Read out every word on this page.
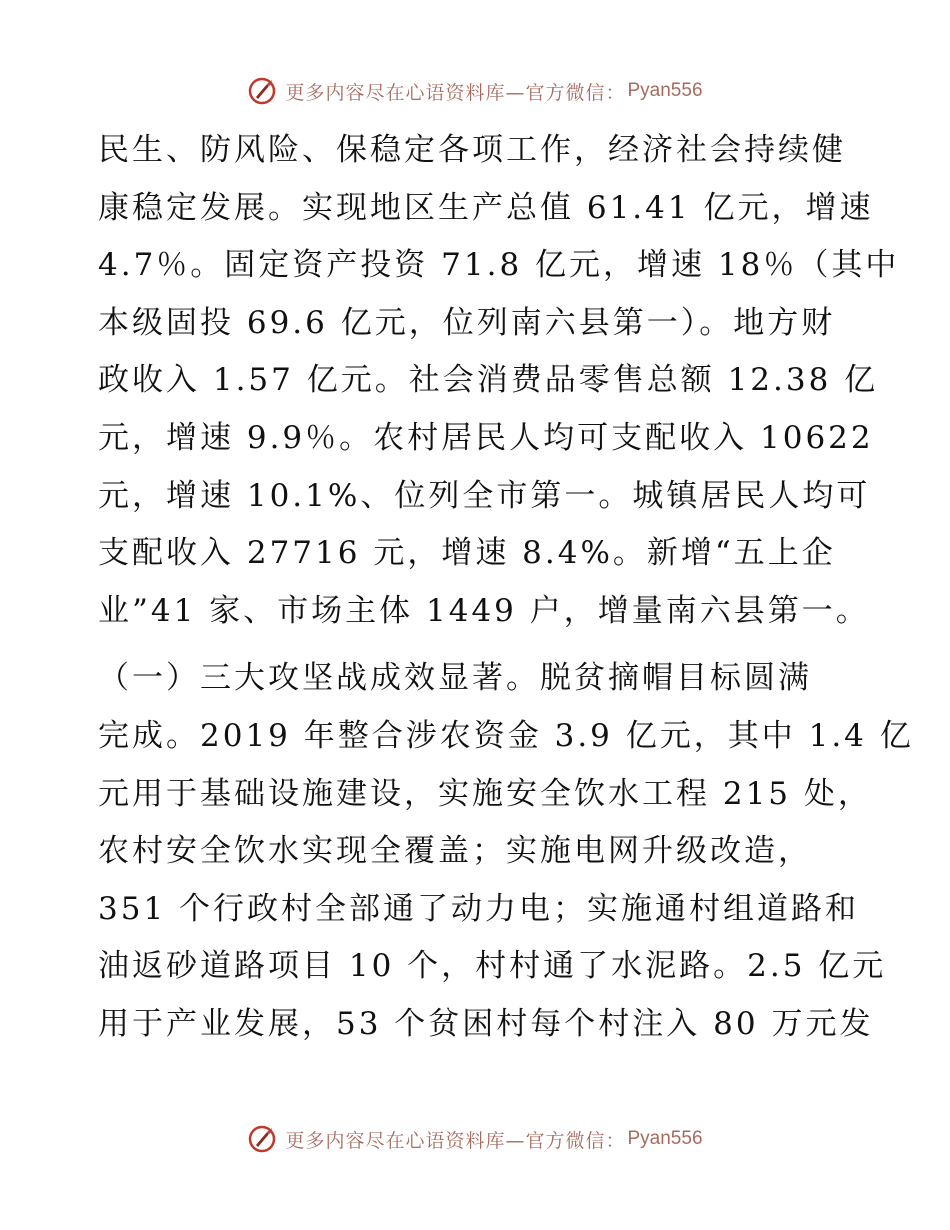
更多内容尽在心语资料库—官方微信： Pyan556
民生、防风险、保稳定各项工作，经济社会持续健
康稳定发展。实现地区生产总值 61.41 亿元，增速
4.7％。固定资产投资 71.8 亿元，增速 18％（其中
本级固投 69.6 亿元，位列南六县第一）。地方财
政收入 1.57 亿元。社会消费品零售总额 12.38 亿
元，增速 9.9％。农村居民人均可支配收入 10622
元，增速 10.1%、位列全市第一。城镇居民人均可
支配收入 27716 元，增速 8.4%。新增“五上企
业”41 家、市场主体 1449 户，增量南六县第一。
（一）三大攻坚战成效显著。脱贫摘帽目标圆满
完成。2019 年整合涉农资金 3.9 亿元，其中 1.4 亿
元用于基础设施建设，实施安全饮水工程 215 处，
农村安全饮水实现全覆盖；实施电网升级改造，
351 个行政村全部通了动力电；实施通村组道路和
油返砂道路项目 10 个，村村通了水泥路。2.5 亿元
用于产业发展，53 个贫困村每个村注入 80 万元发
更多内容尽在心语资料库—官方微信： Pyan556
